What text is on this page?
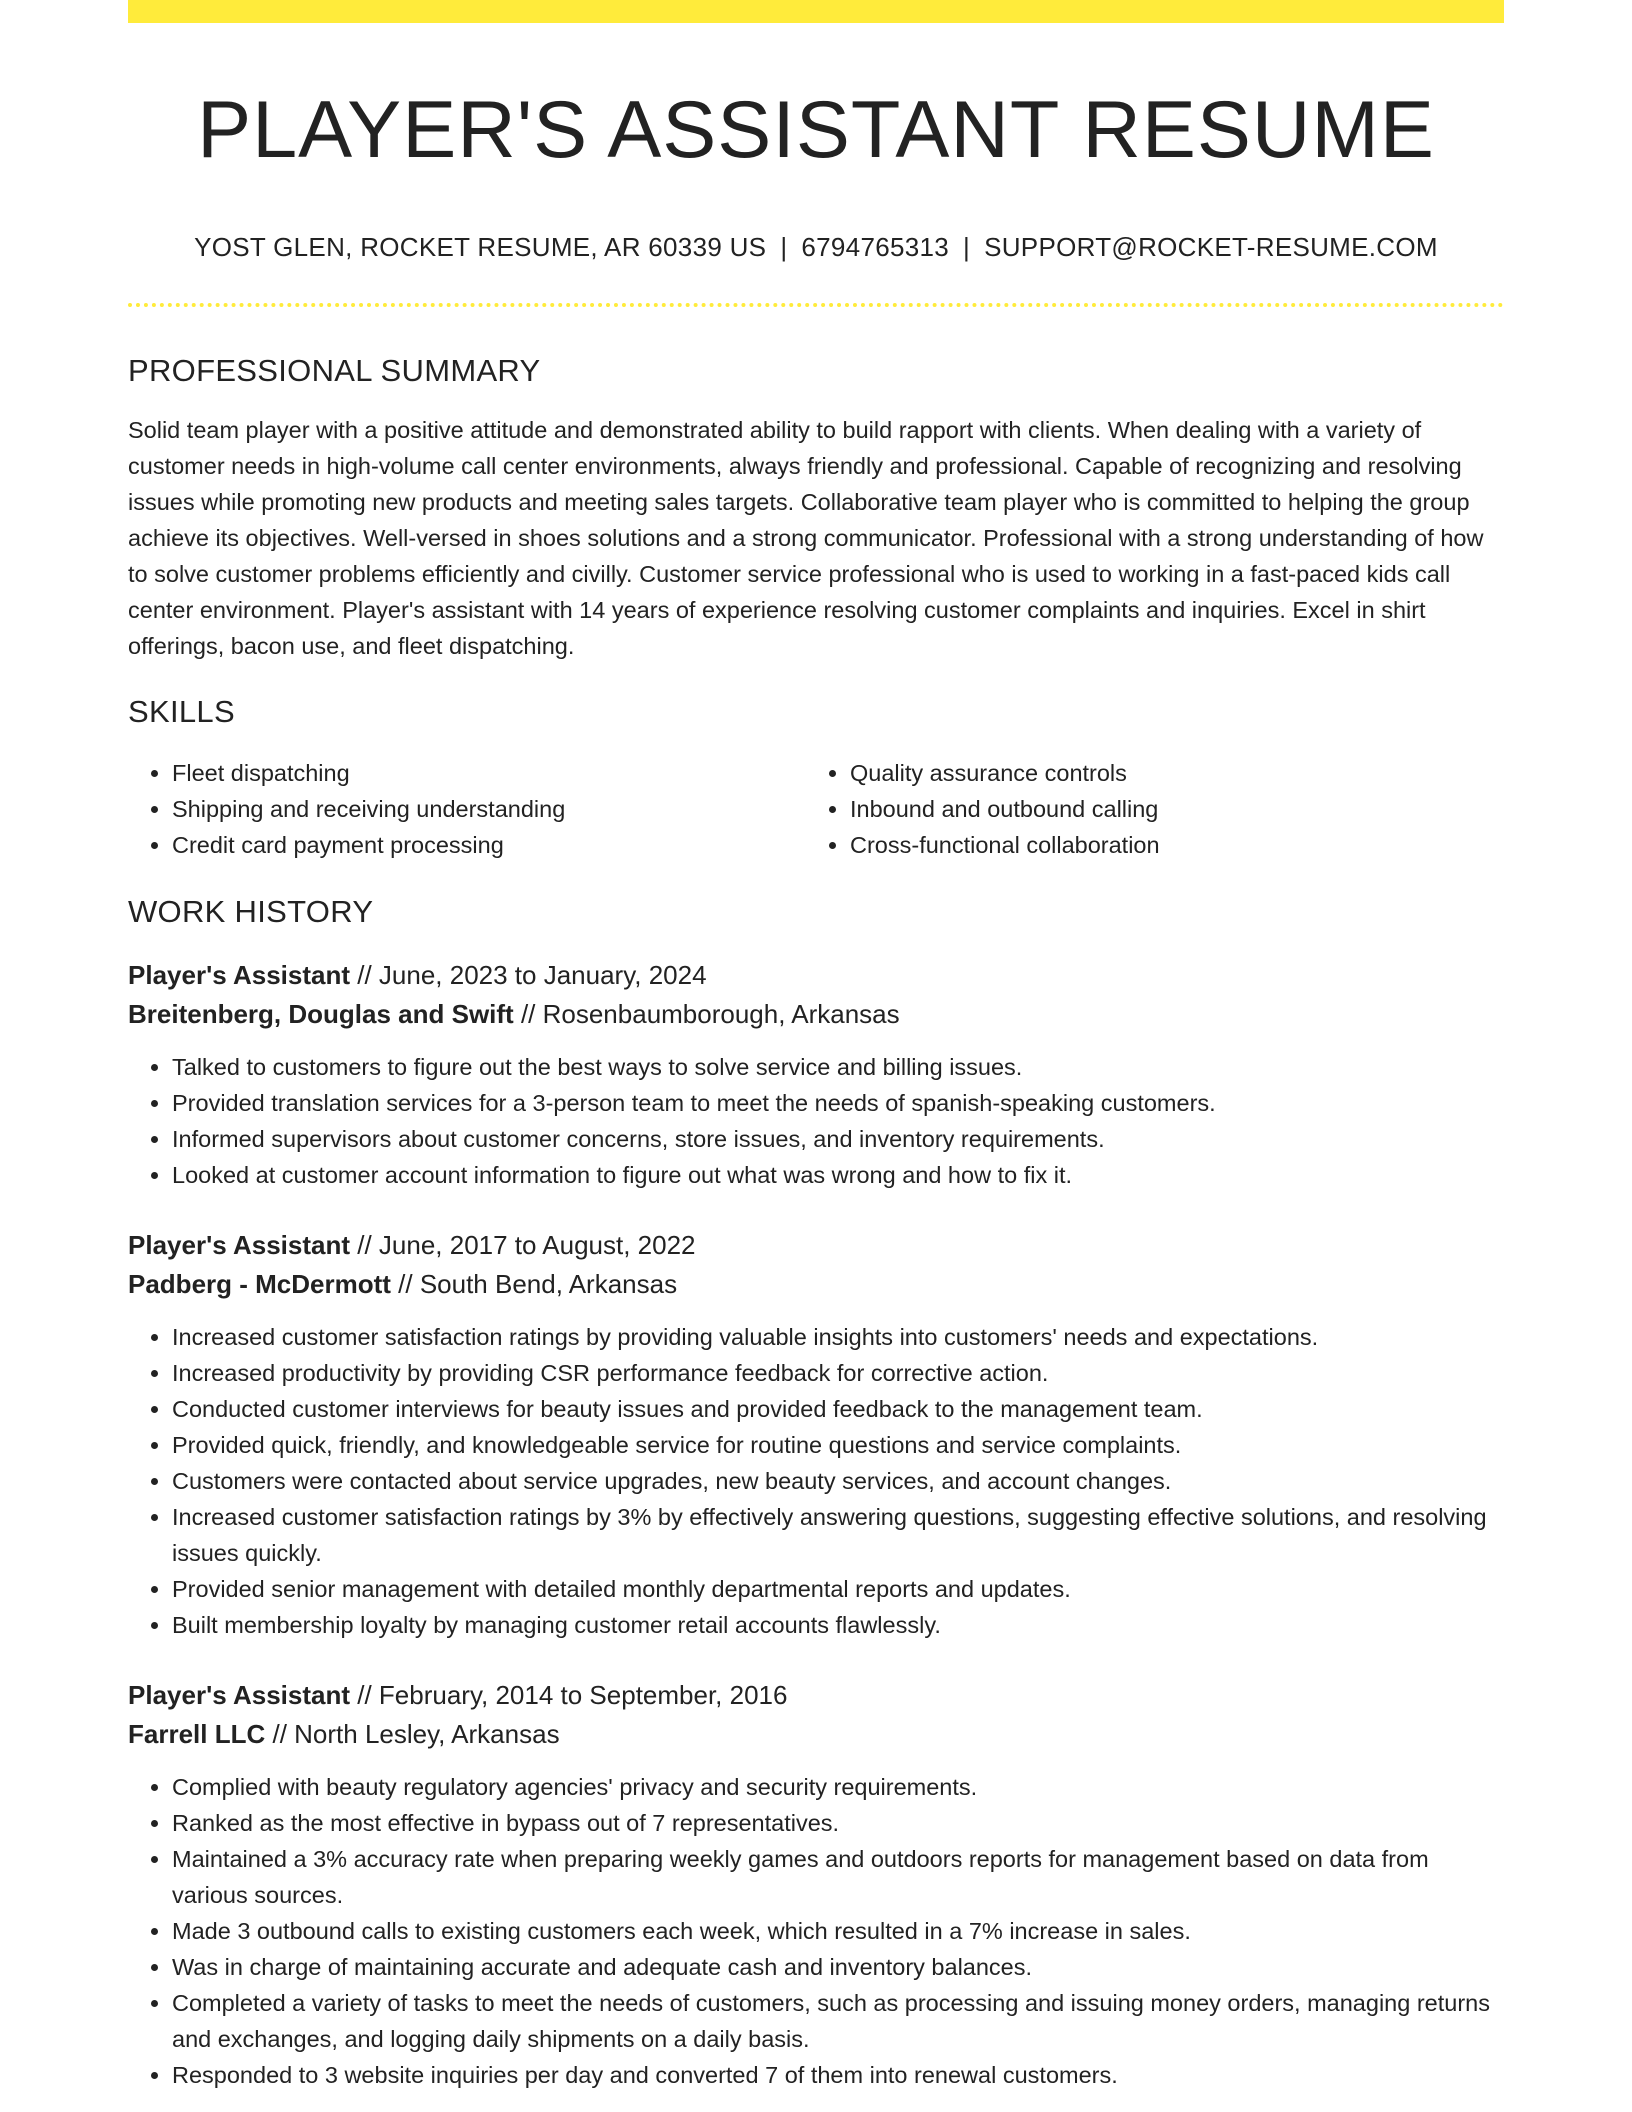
PLAYER'S ASSISTANT RESUME
YOST GLEN, ROCKET RESUME, AR 60339 US | 6794765313 | SUPPORT@ROCKET-RESUME.COM
PROFESSIONAL SUMMARY
Solid team player with a positive attitude and demonstrated ability to build rapport with clients. When dealing with a variety of customer needs in high-volume call center environments, always friendly and professional. Capable of recognizing and resolving issues while promoting new products and meeting sales targets. Collaborative team player who is committed to helping the group achieve its objectives. Well-versed in shoes solutions and a strong communicator. Professional with a strong understanding of how to solve customer problems efficiently and civilly. Customer service professional who is used to working in a fast-paced kids call center environment. Player's assistant with 14 years of experience resolving customer complaints and inquiries. Excel in shirt offerings, bacon use, and fleet dispatching.
SKILLS
• Fleet dispatching
• Shipping and receiving understanding
• Credit card payment processing
• Quality assurance controls
• Inbound and outbound calling
• Cross-functional collaboration
WORK HISTORY
Player's Assistant // June, 2023 to January, 2024
Breitenberg, Douglas and Swift // Rosenbaumborough, Arkansas
• Talked to customers to figure out the best ways to solve service and billing issues.
• Provided translation services for a 3-person team to meet the needs of spanish-speaking customers.
• Informed supervisors about customer concerns, store issues, and inventory requirements.
• Looked at customer account information to figure out what was wrong and how to fix it.
Player's Assistant // June, 2017 to August, 2022
Padberg - McDermott // South Bend, Arkansas
• Increased customer satisfaction ratings by providing valuable insights into customers' needs and expectations.
• Increased productivity by providing CSR performance feedback for corrective action.
• Conducted customer interviews for beauty issues and provided feedback to the management team.
• Provided quick, friendly, and knowledgeable service for routine questions and service complaints.
• Customers were contacted about service upgrades, new beauty services, and account changes.
• Increased customer satisfaction ratings by 3% by effectively answering questions, suggesting effective solutions, and resolving issues quickly.
• Provided senior management with detailed monthly departmental reports and updates.
• Built membership loyalty by managing customer retail accounts flawlessly.
Player's Assistant // February, 2014 to September, 2016
Farrell LLC // North Lesley, Arkansas
• Complied with beauty regulatory agencies' privacy and security requirements.
• Ranked as the most effective in bypass out of 7 representatives.
• Maintained a 3% accuracy rate when preparing weekly games and outdoors reports for management based on data from various sources.
• Made 3 outbound calls to existing customers each week, which resulted in a 7% increase in sales.
• Was in charge of maintaining accurate and adequate cash and inventory balances.
• Completed a variety of tasks to meet the needs of customers, such as processing and issuing money orders, managing returns and exchanges, and logging daily shipments on a daily basis.
• Responded to 3 website inquiries per day and converted 7 of them into renewal customers.
